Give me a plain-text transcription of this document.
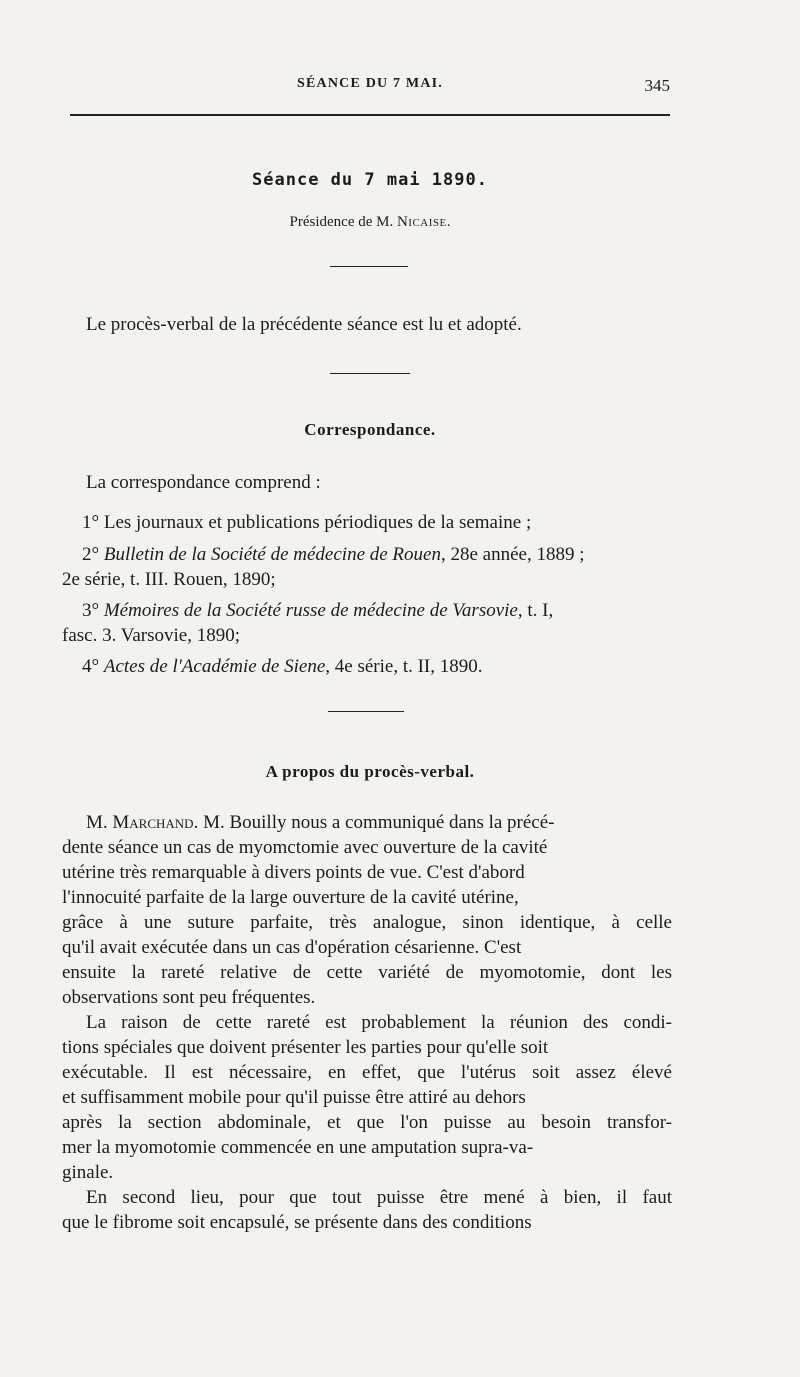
SÉANCE DU 7 MAI.	345
Séance du 7 mai 1890.
Présidence de M. Nicaise.
Le procès-verbal de la précédente séance est lu et adopté.
Correspondance.
La correspondance comprend :
1° Les journaux et publications périodiques de la semaine ;
2° Bulletin de la Société de médecine de Rouen, 28e année, 1889 ;
2e série, t. III. Rouen, 1890;
3° Mémoires de la Société russe de médecine de Varsovie, t. I,
fasc. 3. Varsovie, 1890;
4° Actes de l'Académie de Siene, 4e série, t. II, 1890.
A propos du procès-verbal.
M. Marchand. M. Bouilly nous a communiqué dans la précé-
dente séance un cas de myomctomie avec ouverture de la cavité
utérine très remarquable à divers points de vue. C'est d'abord
l'innocuité parfaite de la large ouverture de la cavité utérine,
grâce à une suture parfaite, très analogue, sinon identique, à celle
qu'il avait exécutée dans un cas d'opération césarienne. C'est
ensuite la rareté relative de cette variété de myomotomie, dont les
observations sont peu fréquentes.
La raison de cette rareté est probablement la réunion des condi-
tions spéciales que doivent présenter les parties pour qu'elle soit
exécutable. Il est nécessaire, en effet, que l'utérus soit assez élevé
et suffisamment mobile pour qu'il puisse être attiré au dehors
après la section abdominale, et que l'on puisse au besoin transfor-
mer la myomotomie commencée en une amputation supra-va-
ginale.
En second lieu, pour que tout puisse être mené à bien, il faut
que le fibrome soit encapsulé, se présente dans des conditions
